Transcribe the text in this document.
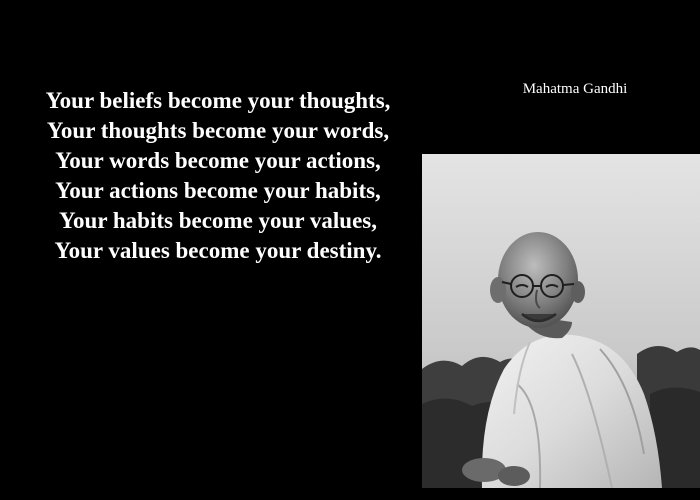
Your beliefs become your thoughts,
Your thoughts become your words,
Your words become your actions,
Your actions become your habits,
Your habits become your values,
Your values become your destiny.
Mahatma Gandhi
